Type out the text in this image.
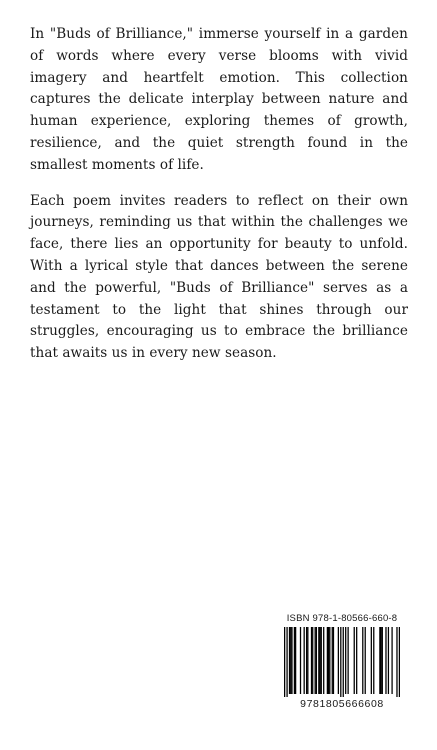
In "Buds of Brilliance," immerse yourself in a garden of words where every verse blooms with vivid imagery and heartfelt emotion. This collection captures the delicate interplay between nature and human experience, exploring themes of growth, resilience, and the quiet strength found in the smallest moments of life.

Each poem invites readers to reflect on their own journeys, reminding us that within the challenges we face, there lies an opportunity for beauty to unfold. With a lyrical style that dances between the serene and the powerful, "Buds of Brilliance" serves as a testament to the light that shines through our struggles, encouraging us to embrace the brilliance that awaits us in every new season.

ISBN 978-1-80566-660-8
9781805666608
